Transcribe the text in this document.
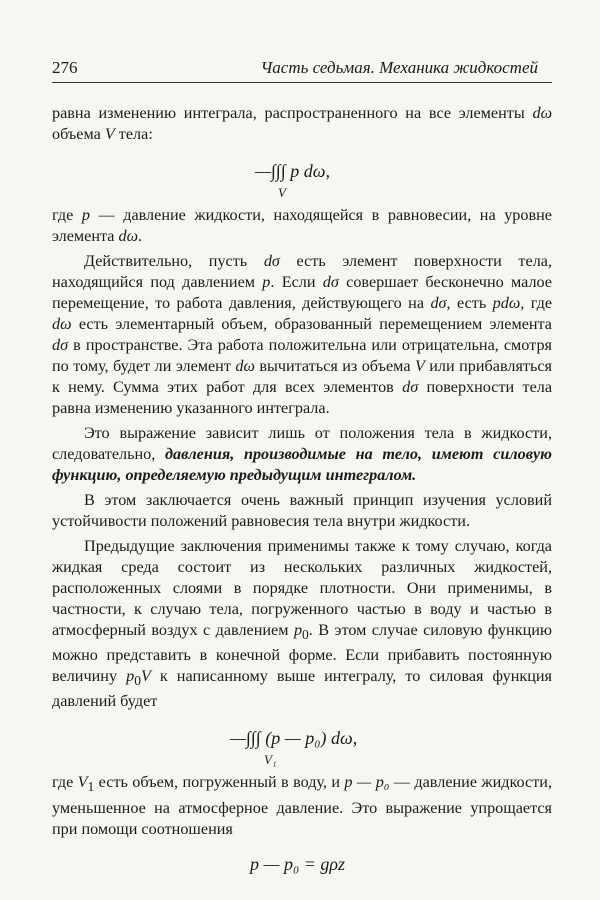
276	Часть седьмая. Механика жидкостей

равна изменению интеграла, распространенного на все элементы dω объема V тела:

—∫∫∫ p dω,
V

где p — давление жидкости, находящейся в равновесии, на уровне элемента dω.

Действительно, пусть dσ есть элемент поверхности тела, находящийся под давлением p. Если dσ совершает бесконечно малое перемещение, то работа давления, действующего на dσ, есть pdω, где dω есть элементарный объем, образованный перемещением элемента dσ в пространстве. Эта работа положительна или отрицательна, смотря по тому, будет ли элемент dω вычитаться из объема V или прибавляться к нему. Сумма этих работ для всех элементов dσ поверхности тела равна изменению указанного интеграла.

Это выражение зависит лишь от положения тела в жидкости, следовательно, давления, производимые на тело, имеют силовую функцию, определяемую предыдущим интегралом.

В этом заключается очень важный принцип изучения условий устойчивости положений равновесия тела внутри жидкости.

Предыдущие заключения применимы также к тому случаю, когда жидкая среда состоит из нескольких различных жидкостей, расположенных слоями в порядке плотности. Они применимы, в частности, к случаю тела, погруженного частью в воду и частью в атмосферный воздух с давлением $p_0$. В этом случае силовую функцию можно представить в конечной форме. Если прибавить постоянную величину $p_0V$ к написанному выше интегралу, то силовая функция давлений будет

—∫∫∫ (p — p₀) dω,
V₁

где $V_1$ есть объем, погруженный в воду, и p — p₀ — давление жидкости, уменьшенное на атмосферное давление. Это выражение упрощается при помощи соотношения

p — p₀ = gρz
